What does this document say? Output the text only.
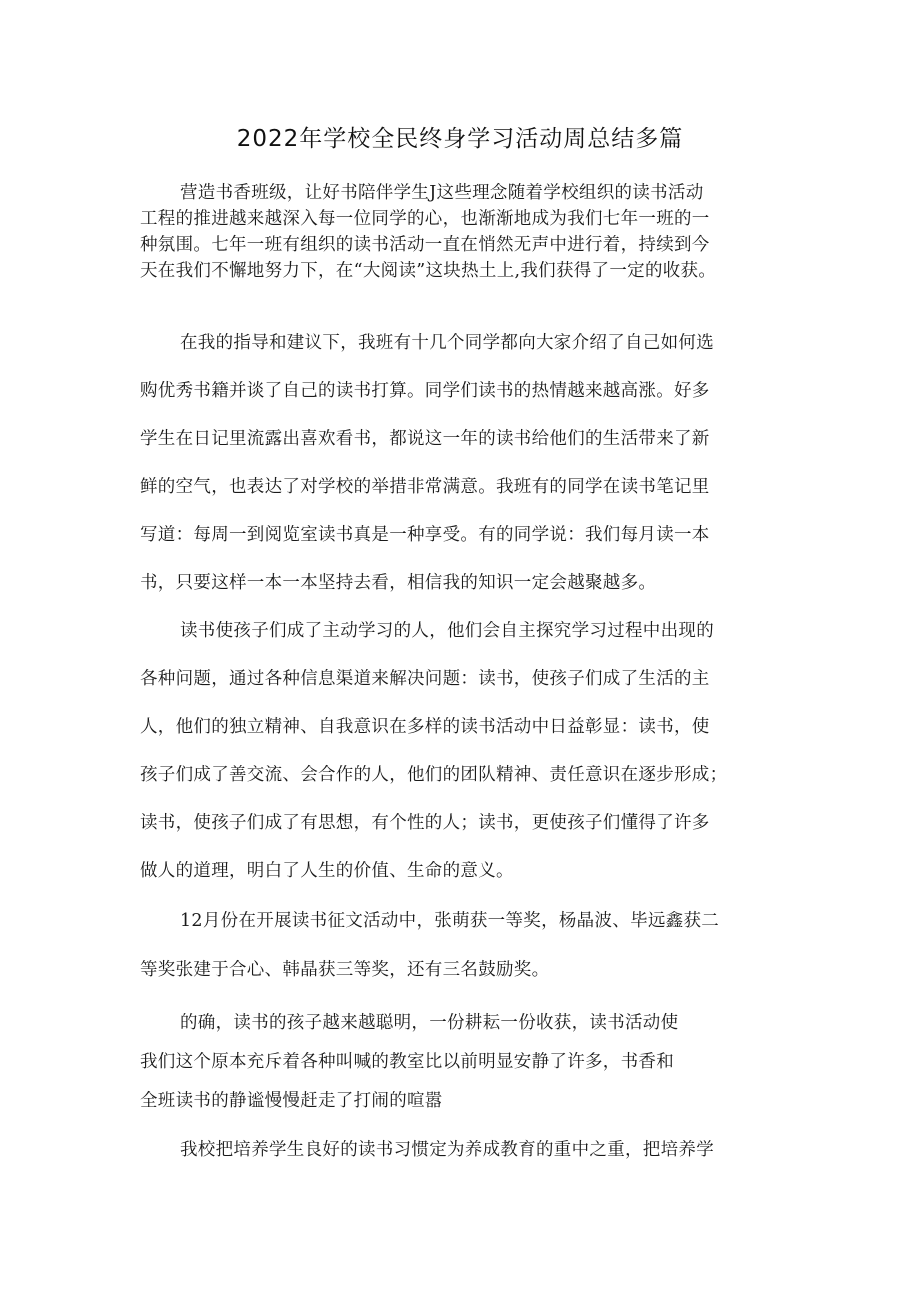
2022年学校全民终身学习活动周总结多篇
营造书香班级，让好书陪伴学生J这些理念随着学校组织的读书活动
工程的推进越来越深入每一位同学的心，也渐渐地成为我们七年一班的一
种氛围。七年一班有组织的读书活动一直在悄然无声中进行着，持续到今
天在我们不懈地努力下，在“大阅读”这块热土上,我们获得了一定的收获。
在我的指导和建议下，我班有十几个同学都向大家介绍了自己如何选
购优秀书籍并谈了自己的读书打算。同学们读书的热情越来越高涨。好多
学生在日记里流露出喜欢看书，都说这一年的读书给他们的生活带来了新
鲜的空气，也表达了对学校的举措非常满意。我班有的同学在读书笔记里
写道：每周一到阅览室读书真是一种享受。有的同学说：我们每月读一本
书，只要这样一本一本坚持去看，相信我的知识一定会越聚越多。
读书使孩子们成了主动学习的人，他们会自主探究学习过程中出现的
各种问题，通过各种信息渠道来解决问题：读书，使孩子们成了生活的主
人，他们的独立精神、自我意识在多样的读书活动中日益彰显：读书，使
孩子们成了善交流、会合作的人，他们的团队精神、责任意识在逐步形成；
读书，使孩子们成了有思想，有个性的人；读书，更使孩子们懂得了许多
做人的道理，明白了人生的价值、生命的意义。
12月份在开展读书征文活动中，张萌获一等奖，杨晶波、毕远鑫获二
等奖张建于合心、韩晶获三等奖，还有三名鼓励奖。
的确，读书的孩子越来越聪明，一份耕耘一份收获，读书活动使
我们这个原本充斥着各种叫喊的教室比以前明显安静了许多，书香和
全班读书的静谧慢慢赶走了打闹的喧嚣
我校把培养学生良好的读书习惯定为养成教育的重中之重，把培养学
